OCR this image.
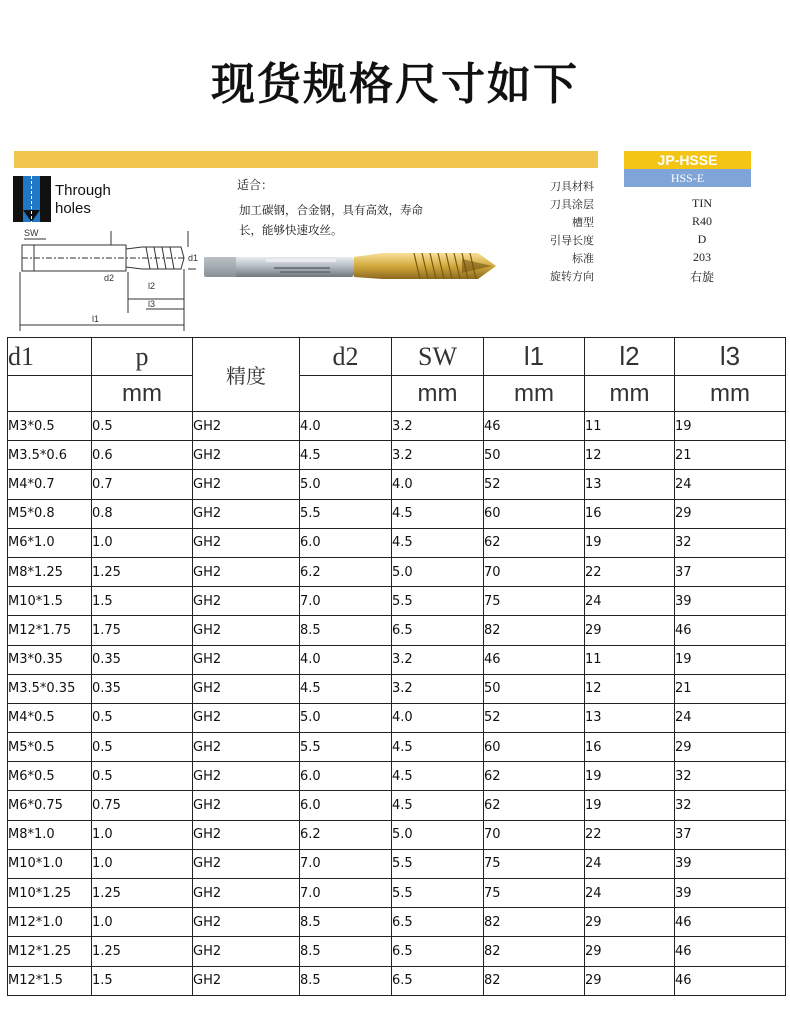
现货规格尺寸如下
JP-HSSE
HSS-E
Through holes
SW
d2
d1
l1
l2
l3
适合：
加工碳钢，合金钢，具有高效，寿命长，能够快速攻丝。
刀具材料
刀具涂层	TIN
槽型	R40
引导长度	D
标准	203
旋转方向	右旋
d1	p	精度	d2	SW	l1	l2	l3
	mm			mm	mm	mm	mm
M3*0.5	0.5	GH2	4.0	3.2	46	11	19
M3.5*0.6	0.6	GH2	4.5	3.2	50	12	21
M4*0.7	0.7	GH2	5.0	4.0	52	13	24
M5*0.8	0.8	GH2	5.5	4.5	60	16	29
M6*1.0	1.0	GH2	6.0	4.5	62	19	32
M8*1.25	1.25	GH2	6.2	5.0	70	22	37
M10*1.5	1.5	GH2	7.0	5.5	75	24	39
M12*1.75	1.75	GH2	8.5	6.5	82	29	46
M3*0.35	0.35	GH2	4.0	3.2	46	11	19
M3.5*0.35	0.35	GH2	4.5	3.2	50	12	21
M4*0.5	0.5	GH2	5.0	4.0	52	13	24
M5*0.5	0.5	GH2	5.5	4.5	60	16	29
M6*0.5	0.5	GH2	6.0	4.5	62	19	32
M6*0.75	0.75	GH2	6.0	4.5	62	19	32
M8*1.0	1.0	GH2	6.2	5.0	70	22	37
M10*1.0	1.0	GH2	7.0	5.5	75	24	39
M10*1.25	1.25	GH2	7.0	5.5	75	24	39
M12*1.0	1.0	GH2	8.5	6.5	82	29	46
M12*1.25	1.25	GH2	8.5	6.5	82	29	46
M12*1.5	1.5	GH2	8.5	6.5	82	29	46
